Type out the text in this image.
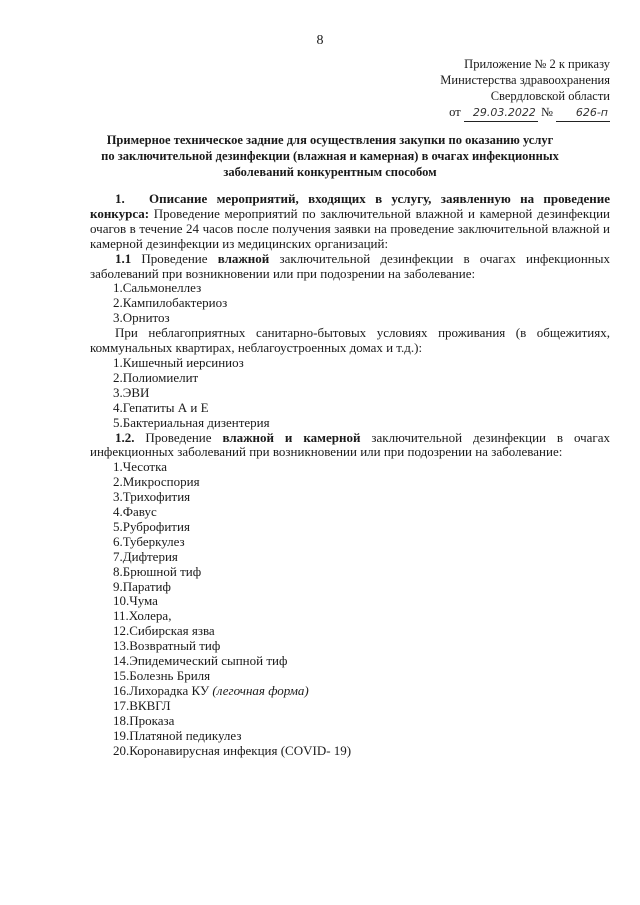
8
Приложение № 2 к приказу
Министерства здравоохранения
Свердловской области
от 29.03.2022 № 626-п
Примерное техническое задние для осуществления закупки по оказанию услуг
по заключительной дезинфекции (влажная и камерная) в очагах инфекционных
заболеваний конкурентным способом

1. Описание мероприятий, входящих в услугу, заявленную на проведение конкурса: Проведение мероприятий по заключительной влажной и камерной дезинфекции очагов в течение 24 часов после получения заявки на проведение заключительной влажной и камерной дезинфекции из медицинских организаций:

1.1 Проведение влажной заключительной дезинфекции в очагах инфекционных заболеваний при возникновении или при подозрении на заболевание:

1.Сальмонеллез
2.Кампилобактериоз
3.Орнитоз

При неблагоприятных санитарно-бытовых условиях проживания (в общежитиях, коммунальных квартирах, неблагоустроенных домах и т.д.):

1.Кишечный иерсиниоз
2.Полиомиелит
3.ЭВИ
4.Гепатиты А и Е
5.Бактериальная дизентерия

1.2. Проведение влажной и камерной заключительной дезинфекции в очагах инфекционных заболеваний при возникновении или при подозрении на заболевание:

1.Чесотка
2.Микроспория
3.Трихофития
4.Фавус
5.Руброфития
6.Туберкулез
7.Дифтерия
8.Брюшной тиф
9.Паратиф
10.Чума
11.Холера,
12.Сибирская язва
13.Возвратный тиф
14.Эпидемический сыпной тиф
15.Болезнь Бриля
16.Лихорадка КУ (легочная форма)
17.ВКВГЛ
18.Проказа
19.Платяной педикулез
20.Коронавирусная инфекция (COVID- 19)
